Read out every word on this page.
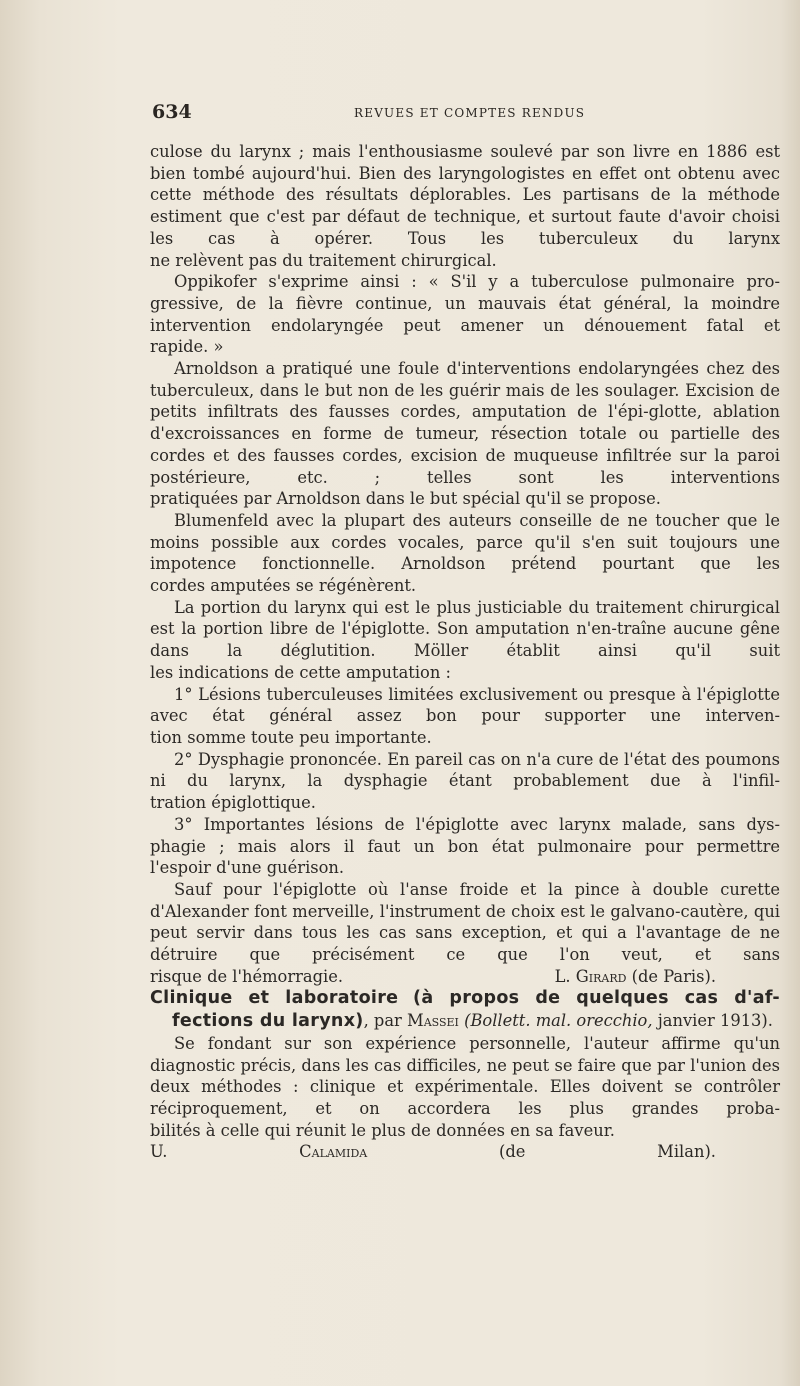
634	REVUES ET COMPTES RENDUS

culose du larynx ; mais l'enthousiasme soulevé par son livre en 1886 est bien tombé aujourd'hui. Bien des laryngologistes en effet ont obtenu avec cette méthode des résultats déplorables. Les partisans de la méthode estiment que c'est par défaut de technique, et surtout faute d'avoir choisi les cas à opérer. Tous les tuberculeux du larynx

ne relèvent pas du traitement chirurgical.

Oppikofer s'exprime ainsi : « S'il y a tuberculose pulmonaire pro-gressive, de la fièvre continue, un mauvais état général, la moindre intervention endolaryngée peut amener un dénouement fatal et

rapide. »

Arnoldson a pratiqué une foule d'interventions endolaryngées chez des tuberculeux, dans le but non de les guérir mais de les soulager. Excision de petits infiltrats des fausses cordes, amputation de l'épi-glotte, ablation d'excroissances en forme de tumeur, résection totale ou partielle des cordes et des fausses cordes, excision de muqueuse infiltrée sur la paroi postérieure, etc. ; telles sont les interventions

pratiquées par Arnoldson dans le but spécial qu'il se propose.

Blumenfeld avec la plupart des auteurs conseille de ne toucher que le moins possible aux cordes vocales, parce qu'il s'en suit toujours une impotence fonctionnelle. Arnoldson prétend pourtant que les

cordes amputées se régénèrent.

La portion du larynx qui est le plus justiciable du traitement chirurgical est la portion libre de l'épiglotte. Son amputation n'en-traîne aucune gêne dans la déglutition. Möller établit ainsi qu'il suit

les indications de cette amputation :

1° Lésions tuberculeuses limitées exclusivement ou presque à l'épiglotte avec état général assez bon pour supporter une interven-

tion somme toute peu importante.

2° Dysphagie prononcée. En pareil cas on n'a cure de l'état des poumons ni du larynx, la dysphagie étant probablement due à l'infil-

tration épiglottique.

3° Importantes lésions de l'épiglotte avec larynx malade, sans dys-phagie ; mais alors il faut un bon état pulmonaire pour permettre

l'espoir d'une guérison.

Sauf pour l'épiglotte où l'anse froide et la pince à double curette d'Alexander font merveille, l'instrument de choix est le galvano-cautère, qui peut servir dans tous les cas sans exception, et qui a l'avantage de ne détruire que précisément ce que l'on veut, et sans

risque de l'hémorragie.	L. Girard (de Paris).
Clinique et laboratoire (à propos de quelques cas d'af-
fections du larynx), par Massei (Bollett. mal. orecchio, janvier 1913).

Se fondant sur son expérience personnelle, l'auteur affirme qu'un diagnostic précis, dans les cas difficiles, ne peut se faire que par l'union des deux méthodes : clinique et expérimentale. Elles doivent se contrôler réciproquement, et on accordera les plus grandes proba-

bilités à celle qui réunit le plus de données en sa faveur.

U. Calamida	(de Milan).
